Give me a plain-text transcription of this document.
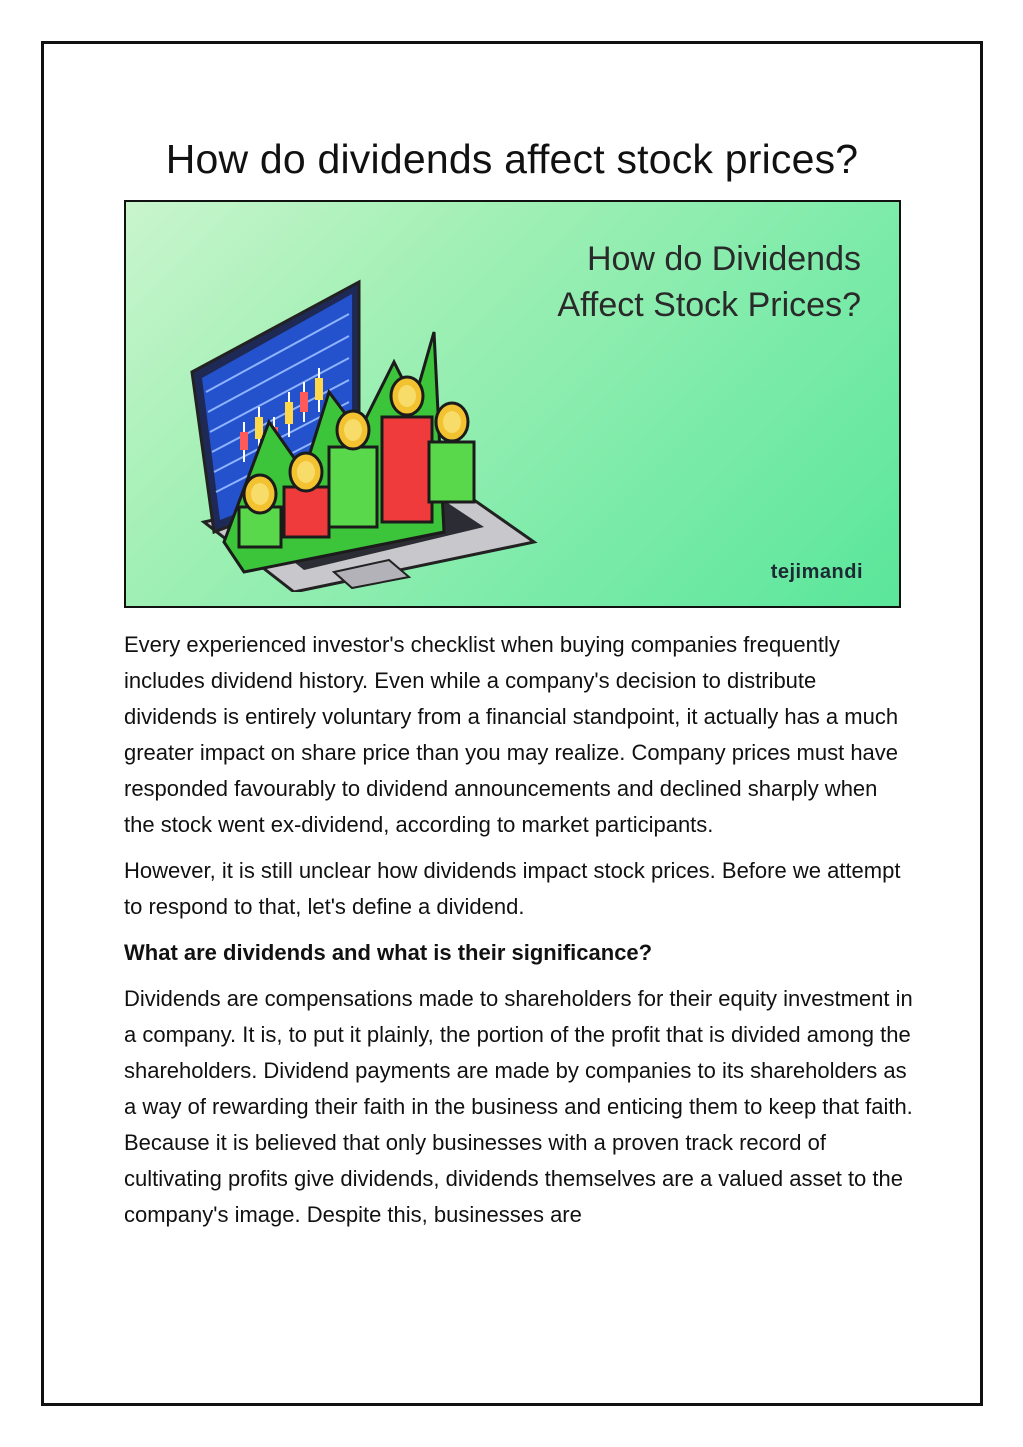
How do dividends affect stock prices?
How do Dividends
Affect Stock Prices?
tejimandi

Every experienced investor's checklist when buying companies frequently includes dividend history. Even while a company's decision to distribute dividends is entirely voluntary from a financial standpoint, it actually has a much greater impact on share price than you may realize. Company prices must have responded favourably to dividend announcements and declined sharply when the stock went ex-dividend, according to market participants.

However, it is still unclear how dividends impact stock prices. Before we attempt to respond to that, let's define a dividend.

What are dividends and what is their significance?

Dividends are compensations made to shareholders for their equity investment in a company. It is, to put it plainly, the portion of the profit that is divided among the shareholders. Dividend payments are made by companies to its shareholders as a way of rewarding their faith in the business and enticing them to keep that faith. Because it is believed that only businesses with a proven track record of cultivating profits give dividends, dividends themselves are a valued asset to the company's image. Despite this, businesses are
